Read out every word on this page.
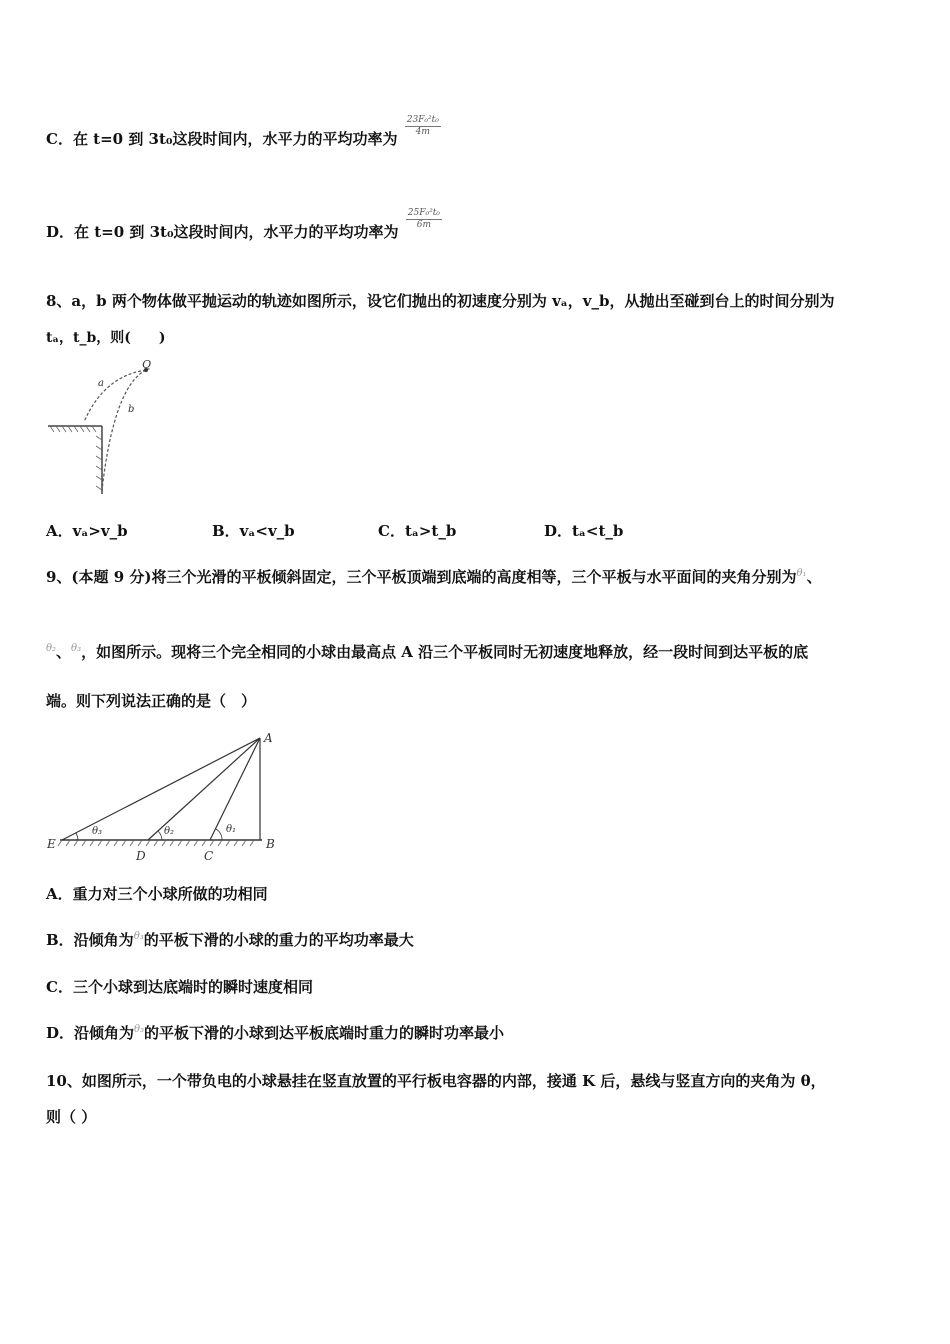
C．在 t=0 到 3t₀这段时间内，水平力的平均功率为
$\frac{\text{23F₀²t₀}}{4m}$
D．在 t=0 到 3t₀这段时间内，水平力的平均功率为
$\frac{\text{25F₀²t₀}}{6m}$
8、a，b 两个物体做平抛运动的轨迹如图所示，设它们抛出的初速度分别为 vₐ，v_b，从抛出至碰到台上的时间分别为
tₐ，t_b，则(　　)
Q
a
b
A．vₐ>v_b	B．vₐ<v_b	C．tₐ>t_b	D．tₐ<t_b
9、(本题 9 分)将三个光滑的平板倾斜固定，三个平板顶端到底端的高度相等，三个平板与水平面间的夹角分别为$^{\theta_1}$、
$^{\theta_2}$、$^{\theta_3}$，如图所示。现将三个完全相同的小球由最高点 A 沿三个平板同时无初速度地释放，经一段时间到达平板的底
端。则下列说法正确的是（　）
A
B
C
D
E
θ₃	θ₂	θ₁
A．重力对三个小球所做的功相同
B．沿倾角为$^{\theta_3}$的平板下滑的小球的重力的平均功率最大
C．三个小球到达底端时的瞬时速度相同
D．沿倾角为$^{\theta_3}$的平板下滑的小球到达平板底端时重力的瞬时功率最小
10、如图所示，一个带负电的小球悬挂在竖直放置的平行板电容器的内部，接通 K 后，悬线与竖直方向的夹角为 θ，
则（ ）
